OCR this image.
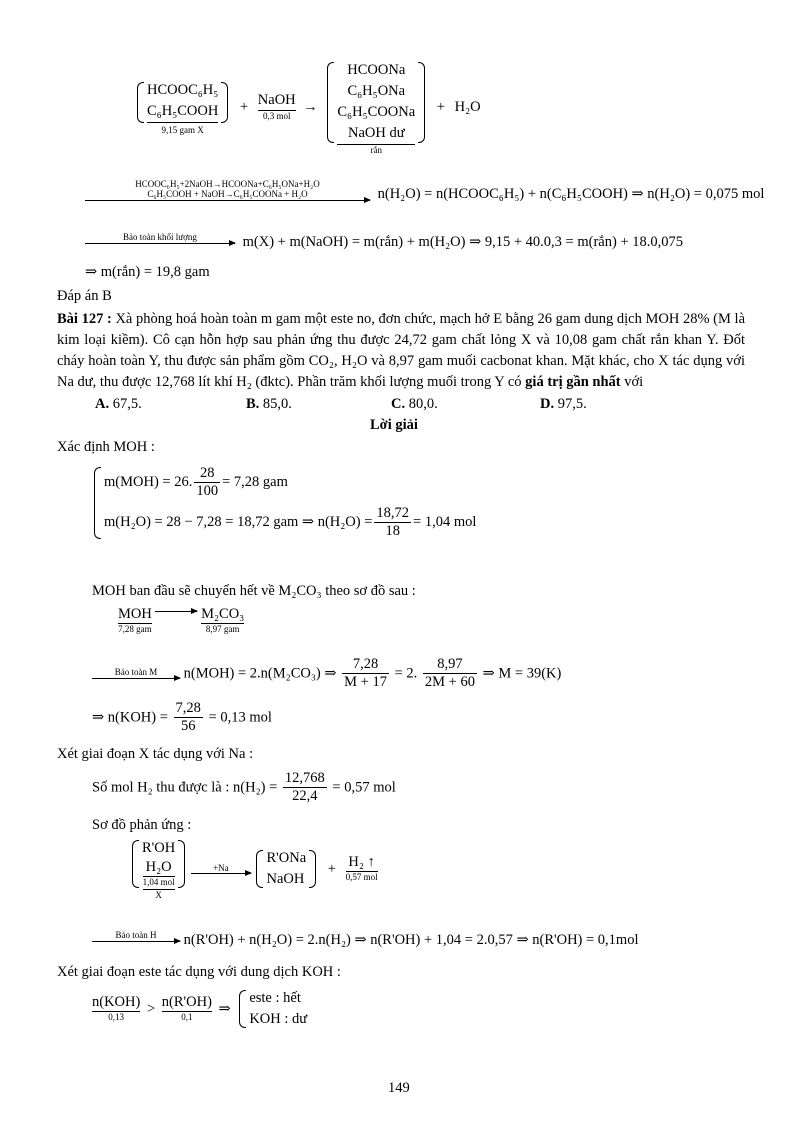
HCOOC₆H₅
C₆H₅COOH
9,15 gam X
+ NaOH
0,3 mol
→
HCOONa
C₆H₅ONa
C₆H₅COONa
NaOH dư
rắn
+ H₂O
HCOOC₆H₅+2NaOH→HCOONa+C₆H₅ONa+H₂O
C₆H₅COOH + NaOH→C₆H₅COONa + H₂O	n(H₂O) = n(HCOOC₆H₅) + n(C₆H₅COOH) ⇒ n(H₂O) = 0,075 mol
Bảo toàn khối lượng	m(X) + m(NaOH) = m(rắn) + m(H₂O) ⇒ 9,15 + 40.0,3 = m(rắn) + 18.0,075
⇒ m(rắn) = 19,8 gam
Đáp án B
Bài 127 : Xà phòng hoá hoàn toàn m gam một este no, đơn chức, mạch hở E bằng 26 gam dung dịch MOH 28% (M là kim loại kiềm). Cô cạn hỗn hợp sau phản ứng thu được 24,72 gam chất lỏng X và 10,08 gam chất rắn khan Y. Đốt cháy hoàn toàn Y, thu được sản phẩm gồm CO₂, H₂O và 8,97 gam muối cacbonat khan. Mặt khác, cho X tác dụng với Na dư, thu được 12,768 lít khí H₂ (đktc). Phần trăm khối lượng muối trong Y có giá trị gần nhất với
A. 67,5.	B. 85,0.	C. 80,0.	D. 97,5.
Lời giải
Xác định MOH :
m(MOH) = 26. $\frac{28}{100} = 7,28$ gam
m(H₂O) = 28 − 7,28 = 18,72 gam ⇒ $n(H_2O) = \frac{18,72}{18} = 1,04$ mol
MOH ban đầu sẽ chuyển hết về M₂CO₃ theo sơ đồ sau :
MOH
7,28 gam

M₂CO₃
8,97 gam
Bảo toàn M	n(MOH) = 2.n(M₂CO₃) ⇒ $\frac{7,28}{M + 17} = 2$. $\frac{8,97}{2M + 60}$ ⇒ M = 39(K)
⇒ $n(KOH) = \frac{7,28}{56} = 0,13$ mol
Xét giai đoạn X tác dụng với Na :
Số mol H₂ thu được là : $n(H_2) = \frac{12,768}{22,4} = 0,57$ mol
Sơ đồ phản ứng :
R'OH
H₂O
1,04 mol
X

+Na

R'ONa
NaOH
+ H₂ ↑
0,57 mol
Bảo toàn H	n(R'OH) + n(H₂O) = 2.n(H₂) ⇒ n(R'OH) + 1,04 = 2.0,57 ⇒ n(R'OH) = 0,1mol
Xét giai đoạn este tác dụng với dung dịch KOH :
n(KOH)
0,13
> n(R'OH)
0,1
⇒
este : hết
KOH : dư
149
